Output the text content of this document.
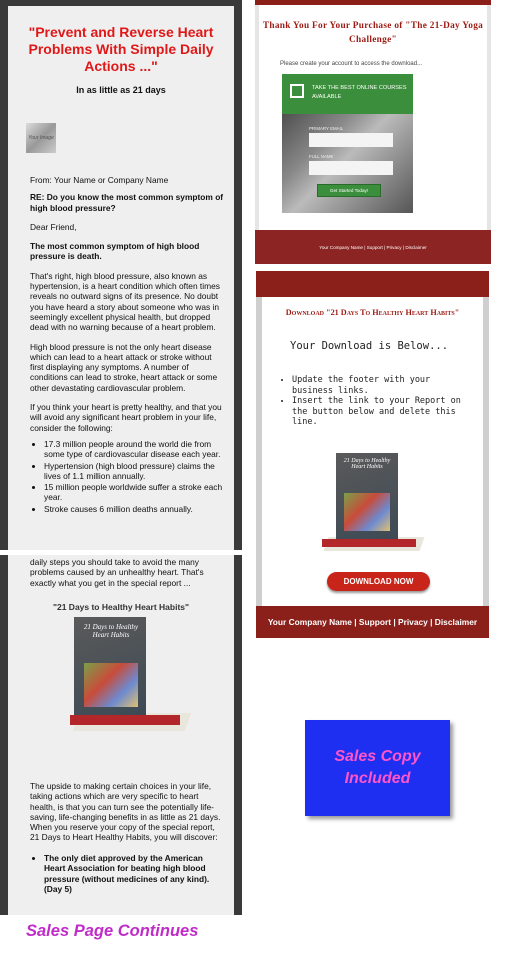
"Prevent and Reverse Heart Problems With Simple Daily Actions ..."
In as little as 21 days
Your Image
From: Your Name or Company Name
RE: Do you know the most common symptom of high blood pressure?
Dear Friend,
The most common symptom of high blood pressure is death.
That's right, high blood pressure, also known as hypertension, is a heart condition which often times reveals no outward signs of its presence. No doubt you have heard a story about someone who was in seemingly excellent physical health, but dropped dead with no warning because of a heart problem.
High blood pressure is not the only heart disease which can lead to a heart attack or stroke without first displaying any symptoms. A number of conditions can lead to stroke, heart attack or some other devastating cardiovascular problem.
If you think your heart is pretty healthy, and that you will avoid any significant heart problem in your life, consider the following:
• 17.3 million people around the world die from some type of cardiovascular disease each year.
• Hypertension (high blood pressure) claims the lives of 1.1 million annually.
• 15 million people worldwide suffer a stroke each year.
• Stroke causes 6 million deaths annually.
daily steps you should take to avoid the many problems caused by an unhealthy heart. That's exactly what you get in the special report ...
"21 Days to Healthy Heart Habits"
21 Days to Healthy Heart Habits
The upside to making certain choices in your life, taking actions which are very specific to heart health, is that you can turn see the potentially life-saving, life-changing benefits in as little as 21 days. When you reserve your copy of the special report, 21 Days to Heart Healthy Habits, you will discover:
• The only diet approved by the American Heart Association for beating high blood pressure (without medicines of any kind). (Day 5)
Sales Page Continues
Thank You For Your Purchase of "The 21-Day Yoga Challenge"
Please create your account to access the download...
TAKE THE BEST ONLINE COURSES AVAILABLE
PRIMARY EMAIL
FULL NAME
Get Started Today!
Your Company Name | Support | Privacy | Disclaimer
Download "21 Days To Healthy Heart Habits"
Your Download is Below...
• Update the footer with your business links.
• Insert the link to your Report on the button below and delete this line.
21 Days to Healthy Heart Habits
DOWNLOAD NOW
Your Company Name | Support | Privacy | Disclaimer
Sales Copy Included
